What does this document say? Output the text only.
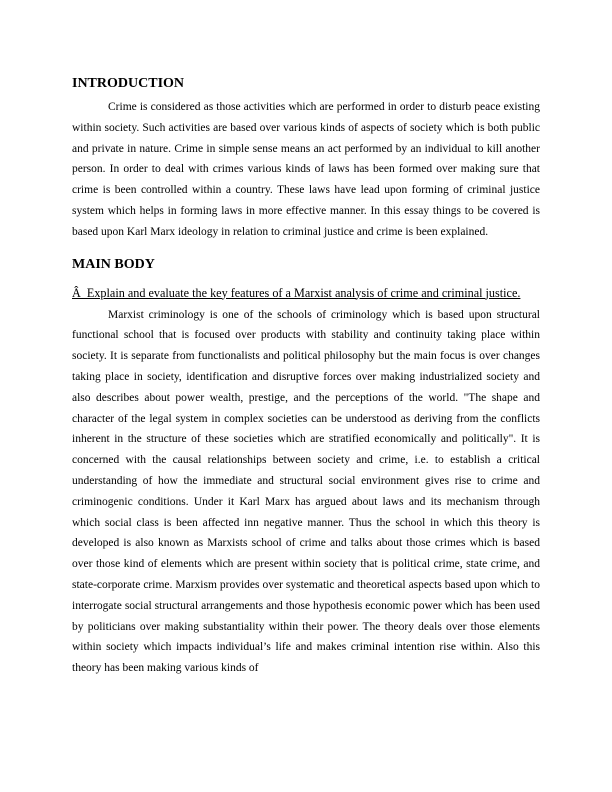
INTRODUCTION

Crime is considered as those activities which are performed in order to disturb peace existing within society. Such activities are based over various kinds of aspects of society which is both public and private in nature. Crime in simple sense means an act performed by an individual to kill another person. In order to deal with crimes various kinds of laws has been formed over making sure that crime is been controlled within a country. These laws have lead upon forming of criminal justice system which helps in forming laws in more effective manner. In this essay things to be covered is based upon Karl Marx ideology in relation to criminal justice and crime is been explained.

MAIN BODY

Â  Explain and evaluate the key features of a Marxist analysis of crime and criminal justice.

Marxist criminology is one of the schools of criminology which is based upon structural functional school that is focused over products with stability and continuity taking place within society. It is separate from functionalists and political philosophy but the main focus is over changes taking place in society, identification and disruptive forces over making industrialized society and also describes about power wealth, prestige, and the perceptions of the world. "The shape and character of the legal system in complex societies can be understood as deriving from the conflicts inherent in the structure of these societies which are stratified economically and politically". It is concerned with the causal relationships between society and crime, i.e. to establish a critical understanding of how the immediate and structural social environment gives rise to crime and criminogenic conditions. Under it Karl Marx has argued about laws and its mechanism through which social class is been affected inn negative manner. Thus the school in which this theory is developed is also known as Marxists school of crime and talks about those crimes which is based over those kind of elements which are present within society that is political crime, state crime, and state-corporate crime. Marxism provides over systematic and theoretical aspects based upon which to interrogate social structural arrangements and those hypothesis economic power which has been used by politicians over making substantiality within their power. The theory deals over those elements within society which impacts individual’s life and makes criminal intention rise within. Also this theory has been making various kinds of
